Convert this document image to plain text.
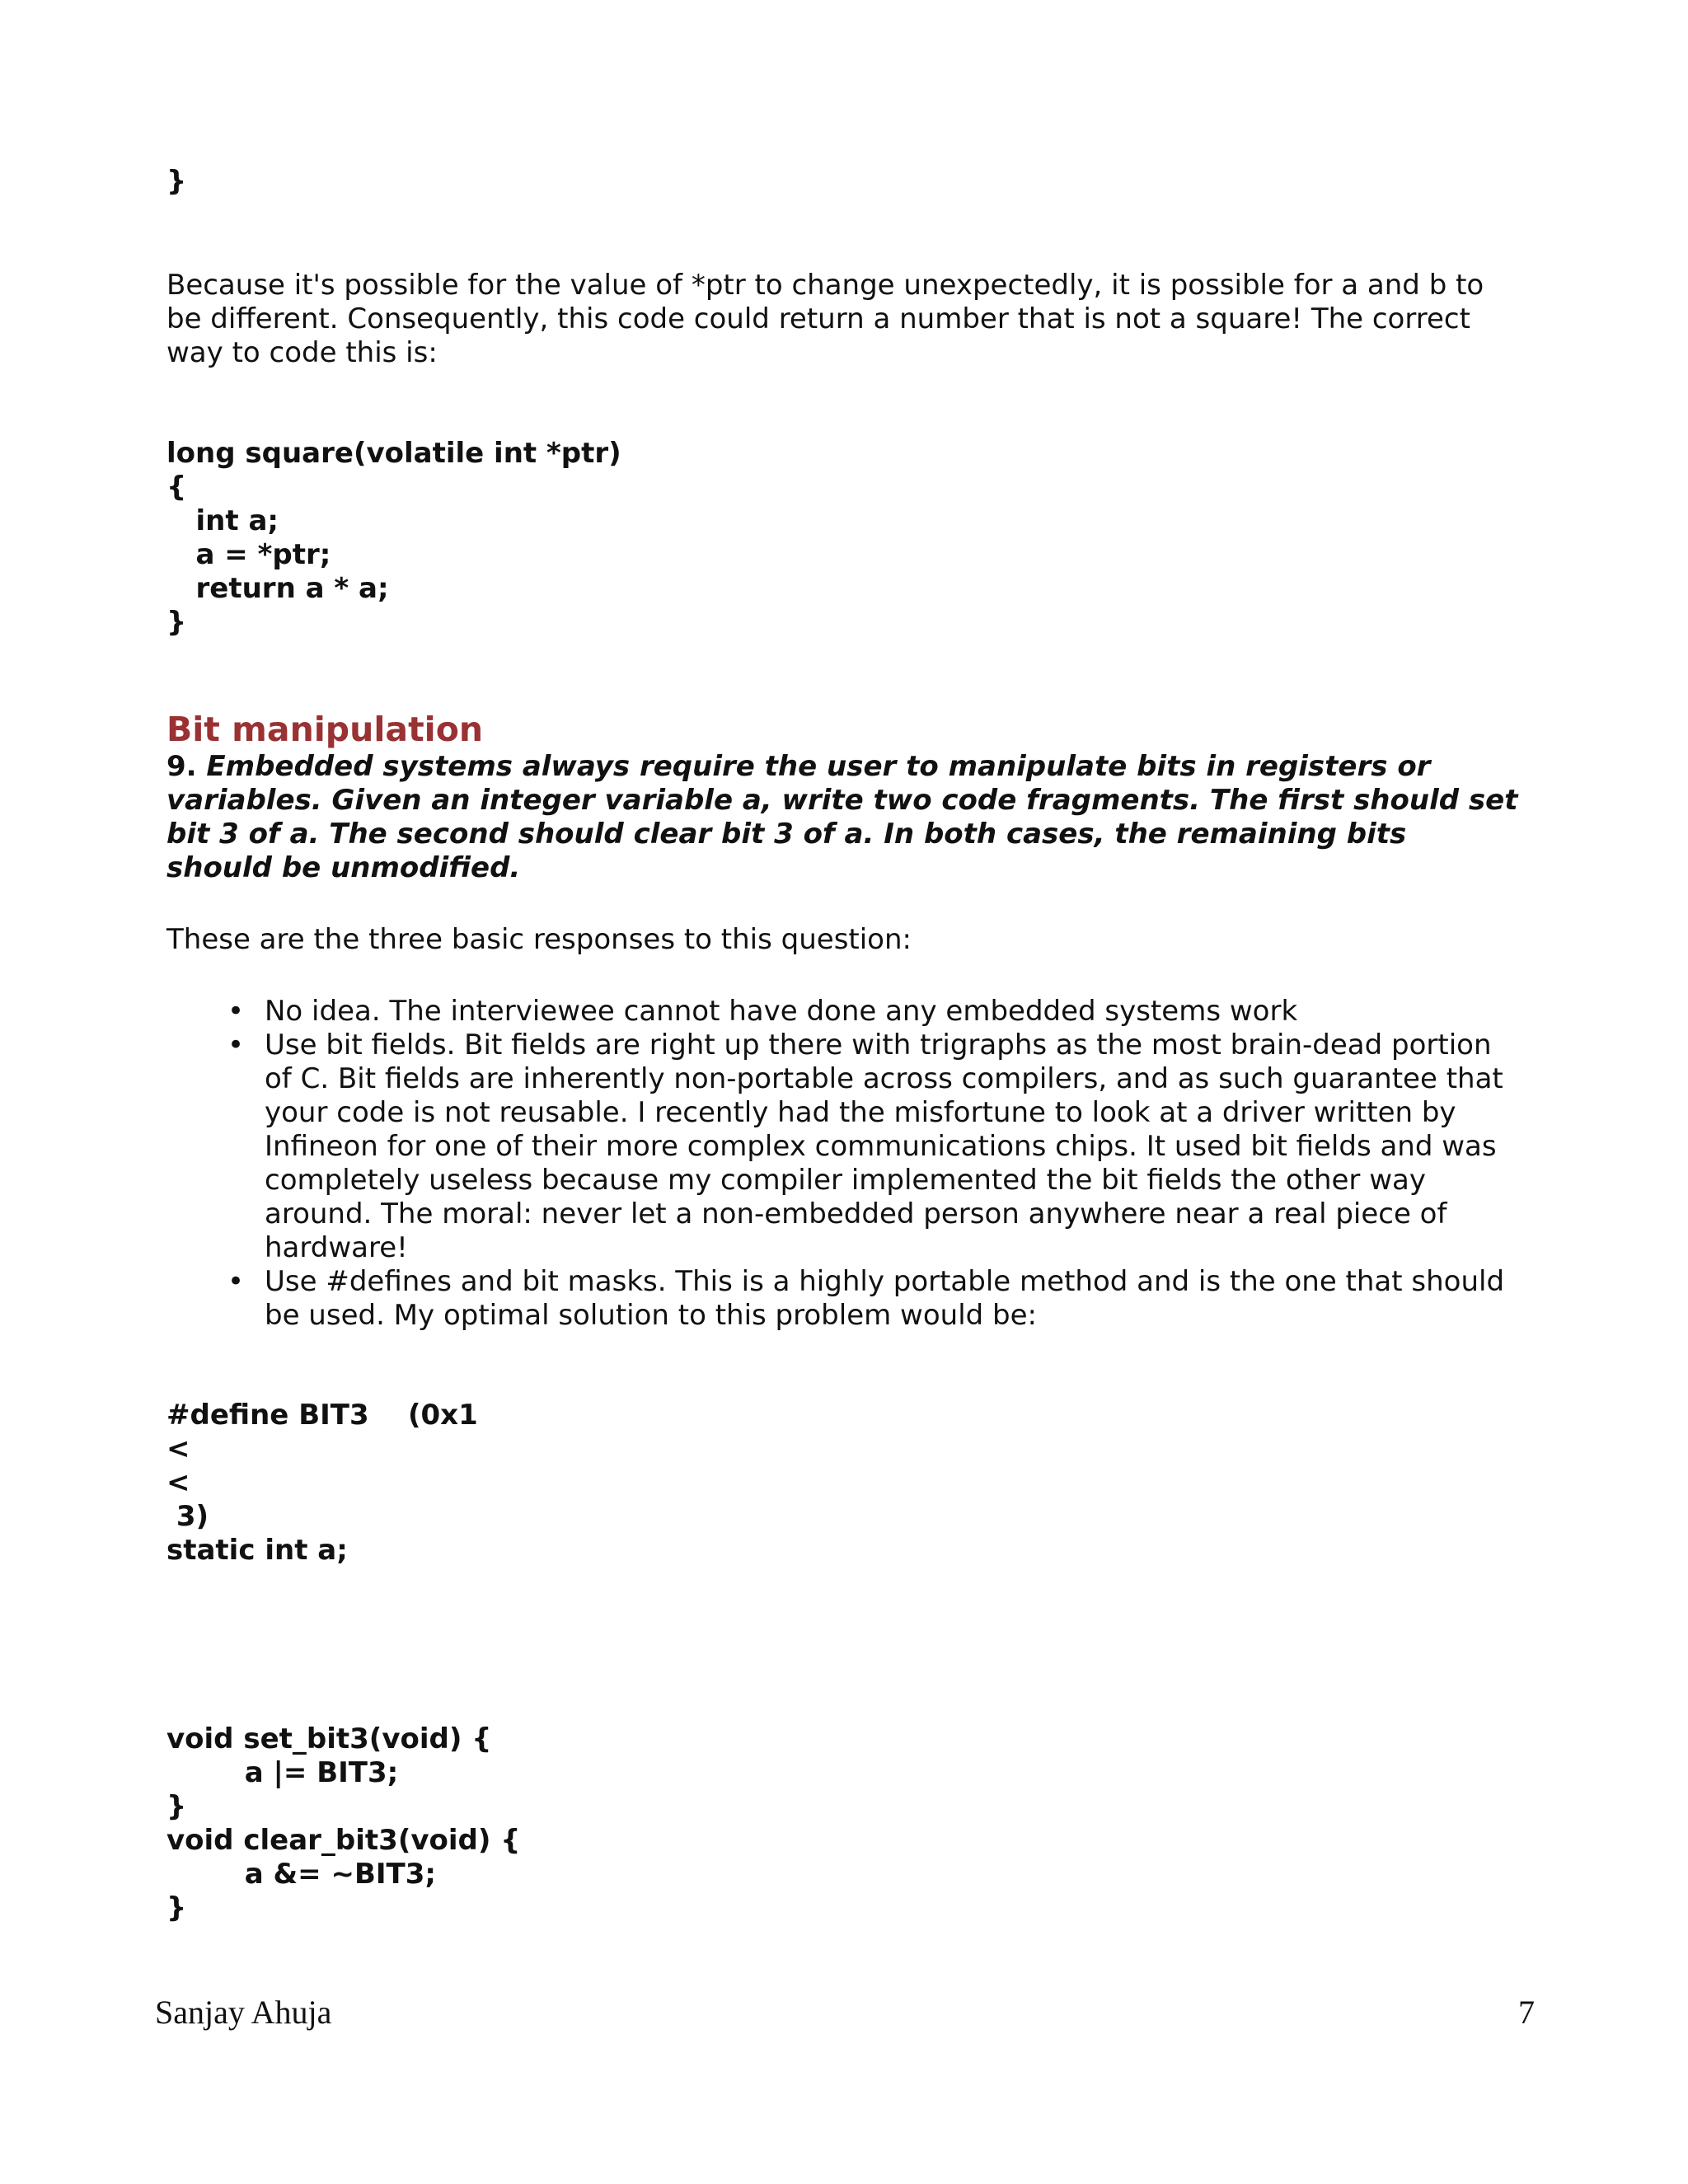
}

Because it's possible for the value of *ptr to change unexpectedly, it is possible for a and b to be different. Consequently, this code could return a number that is not a square! The correct way to code this is:

long square(volatile int *ptr)
{
int a;
a = *ptr;
return a * a;
}
Bit manipulation

9. Embedded systems always require the user to manipulate bits in registers or variables. Given an integer variable a, write two code fragments. The first should set bit 3 of a. The second should clear bit 3 of a. In both cases, the remaining bits should be unmodified.

These are the three basic responses to this question:

• No idea. The interviewee cannot have done any embedded systems work
• Use bit fields. Bit fields are right up there with trigraphs as the most brain-dead portion of C. Bit fields are inherently non-portable across compilers, and as such guarantee that your code is not reusable. I recently had the misfortune to look at a driver written by Infineon for one of their more complex communications chips. It used bit fields and was completely useless because my compiler implemented the bit fields the other way around. The moral: never let a non-embedded person anywhere near a real piece of hardware!
• Use #defines and bit masks. This is a highly portable method and is the one that should be used. My optimal solution to this problem would be:
#define BIT3    (0x1
<
<
3)
static int a;
void set_bit3(void) {
a |= BIT3;
}
void clear_bit3(void) {
a &= ~BIT3;
}
Sanjay Ahuja	7
